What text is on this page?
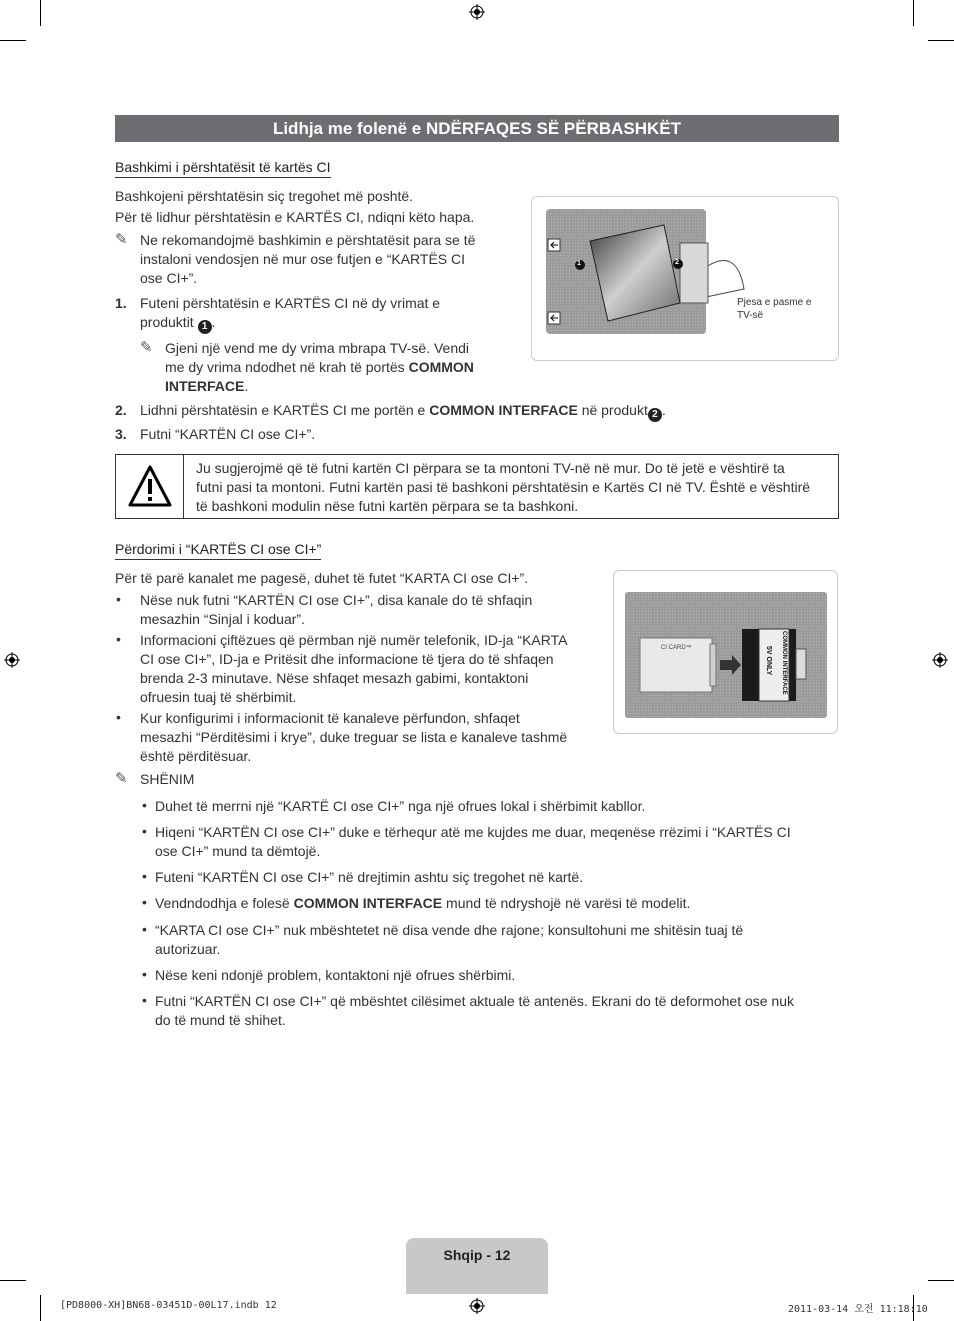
Lidhja me folenë e NDËRFAQES SË PËRBASHKËT
Bashkimi i përshtatësit të kartës CI
Bashkojeni përshtatësin siç tregohet më poshtë.
Për të lidhur përshtatësin e KARTËS CI, ndiqni këto hapa.
✎ Ne rekomandojmë bashkimin e përshtatësit para se të
instaloni vendosjen në mur ose futjen e “KARTËS CI
ose CI+”.
1. Futeni përshtatësin e KARTËS CI në dy vrimat e
produktit 1 .
✎ Gjeni një vend me dy vrima mbrapa TV-së. Vendi
me dy vrima ndodhet në krah të portës COMMON
INTERFACE.
2. Lidhni përshtatësin e KARTËS CI me portën e COMMON INTERFACE në produkt 2 .
3. Futni “KARTËN CI ose CI+”.
1	2
Pjesa e pasme e
TV-së
Ju sugjerojmë që të futni kartën CI përpara se ta montoni TV-në në mur. Do të jetë e vështirë ta
futni pasi ta montoni. Futni kartën pasi të bashkoni përshtatësin e Kartës CI në TV. Është e vështirë
të bashkoni modulin nëse futni kartën përpara se ta bashkoni.
Përdorimi i “KARTËS CI ose CI+”
Për të parë kanalet me pagesë, duhet të futet “KARTA CI ose CI+”.
• Nëse nuk futni “KARTËN CI ose CI+”, disa kanale do të shfaqin
mesazhin “Sinjal i koduar”.
• Informacioni çiftëzues që përmban një numër telefonik, ID-ja “KARTA
CI ose CI+”, ID-ja e Pritësit dhe informacione të tjera do të shfaqen
brenda 2-3 minutave. Nëse shfaqet mesazh gabimi, kontaktoni
ofruesin tuaj të shërbimit.
• Kur konfigurimi i informacionit të kanaleve përfundon, shfaqet
mesazhi “Përditësimi i krye”, duke treguar se lista e kanaleve tashmë
është përditësuar.
CI CARD™	COMMON INTERFACE
5V ONLY
✎ SHËNIM
• Duhet të merrni një “KARTË CI ose CI+” nga një ofrues lokal i shërbimit kabllor.
• Hiqeni “KARTËN CI ose CI+” duke e tërhequr atë me kujdes me duar, meqenëse rrëzimi i “KARTËS CI
ose CI+” mund ta dëmtojë.
• Futeni “KARTËN CI ose CI+” në drejtimin ashtu siç tregohet në kartë.
• Vendndodhja e folesë COMMON INTERFACE mund të ndryshojë në varësi të modelit.
• “KARTA CI ose CI+” nuk mbështetet në disa vende dhe rajone; konsultohuni me shitësin tuaj të
autorizuar.
• Nëse keni ndonjë problem, kontaktoni një ofrues shërbimi.
• Futni “KARTËN CI ose CI+” që mbështet cilësimet aktuale të antenës. Ekrani do të deformohet ose nuk
do të mund të shihet.
Shqip - 12
[PD8000-XH]BN68-03451D-00L17.indb 12	2011-03-14 오전 11:18:10
